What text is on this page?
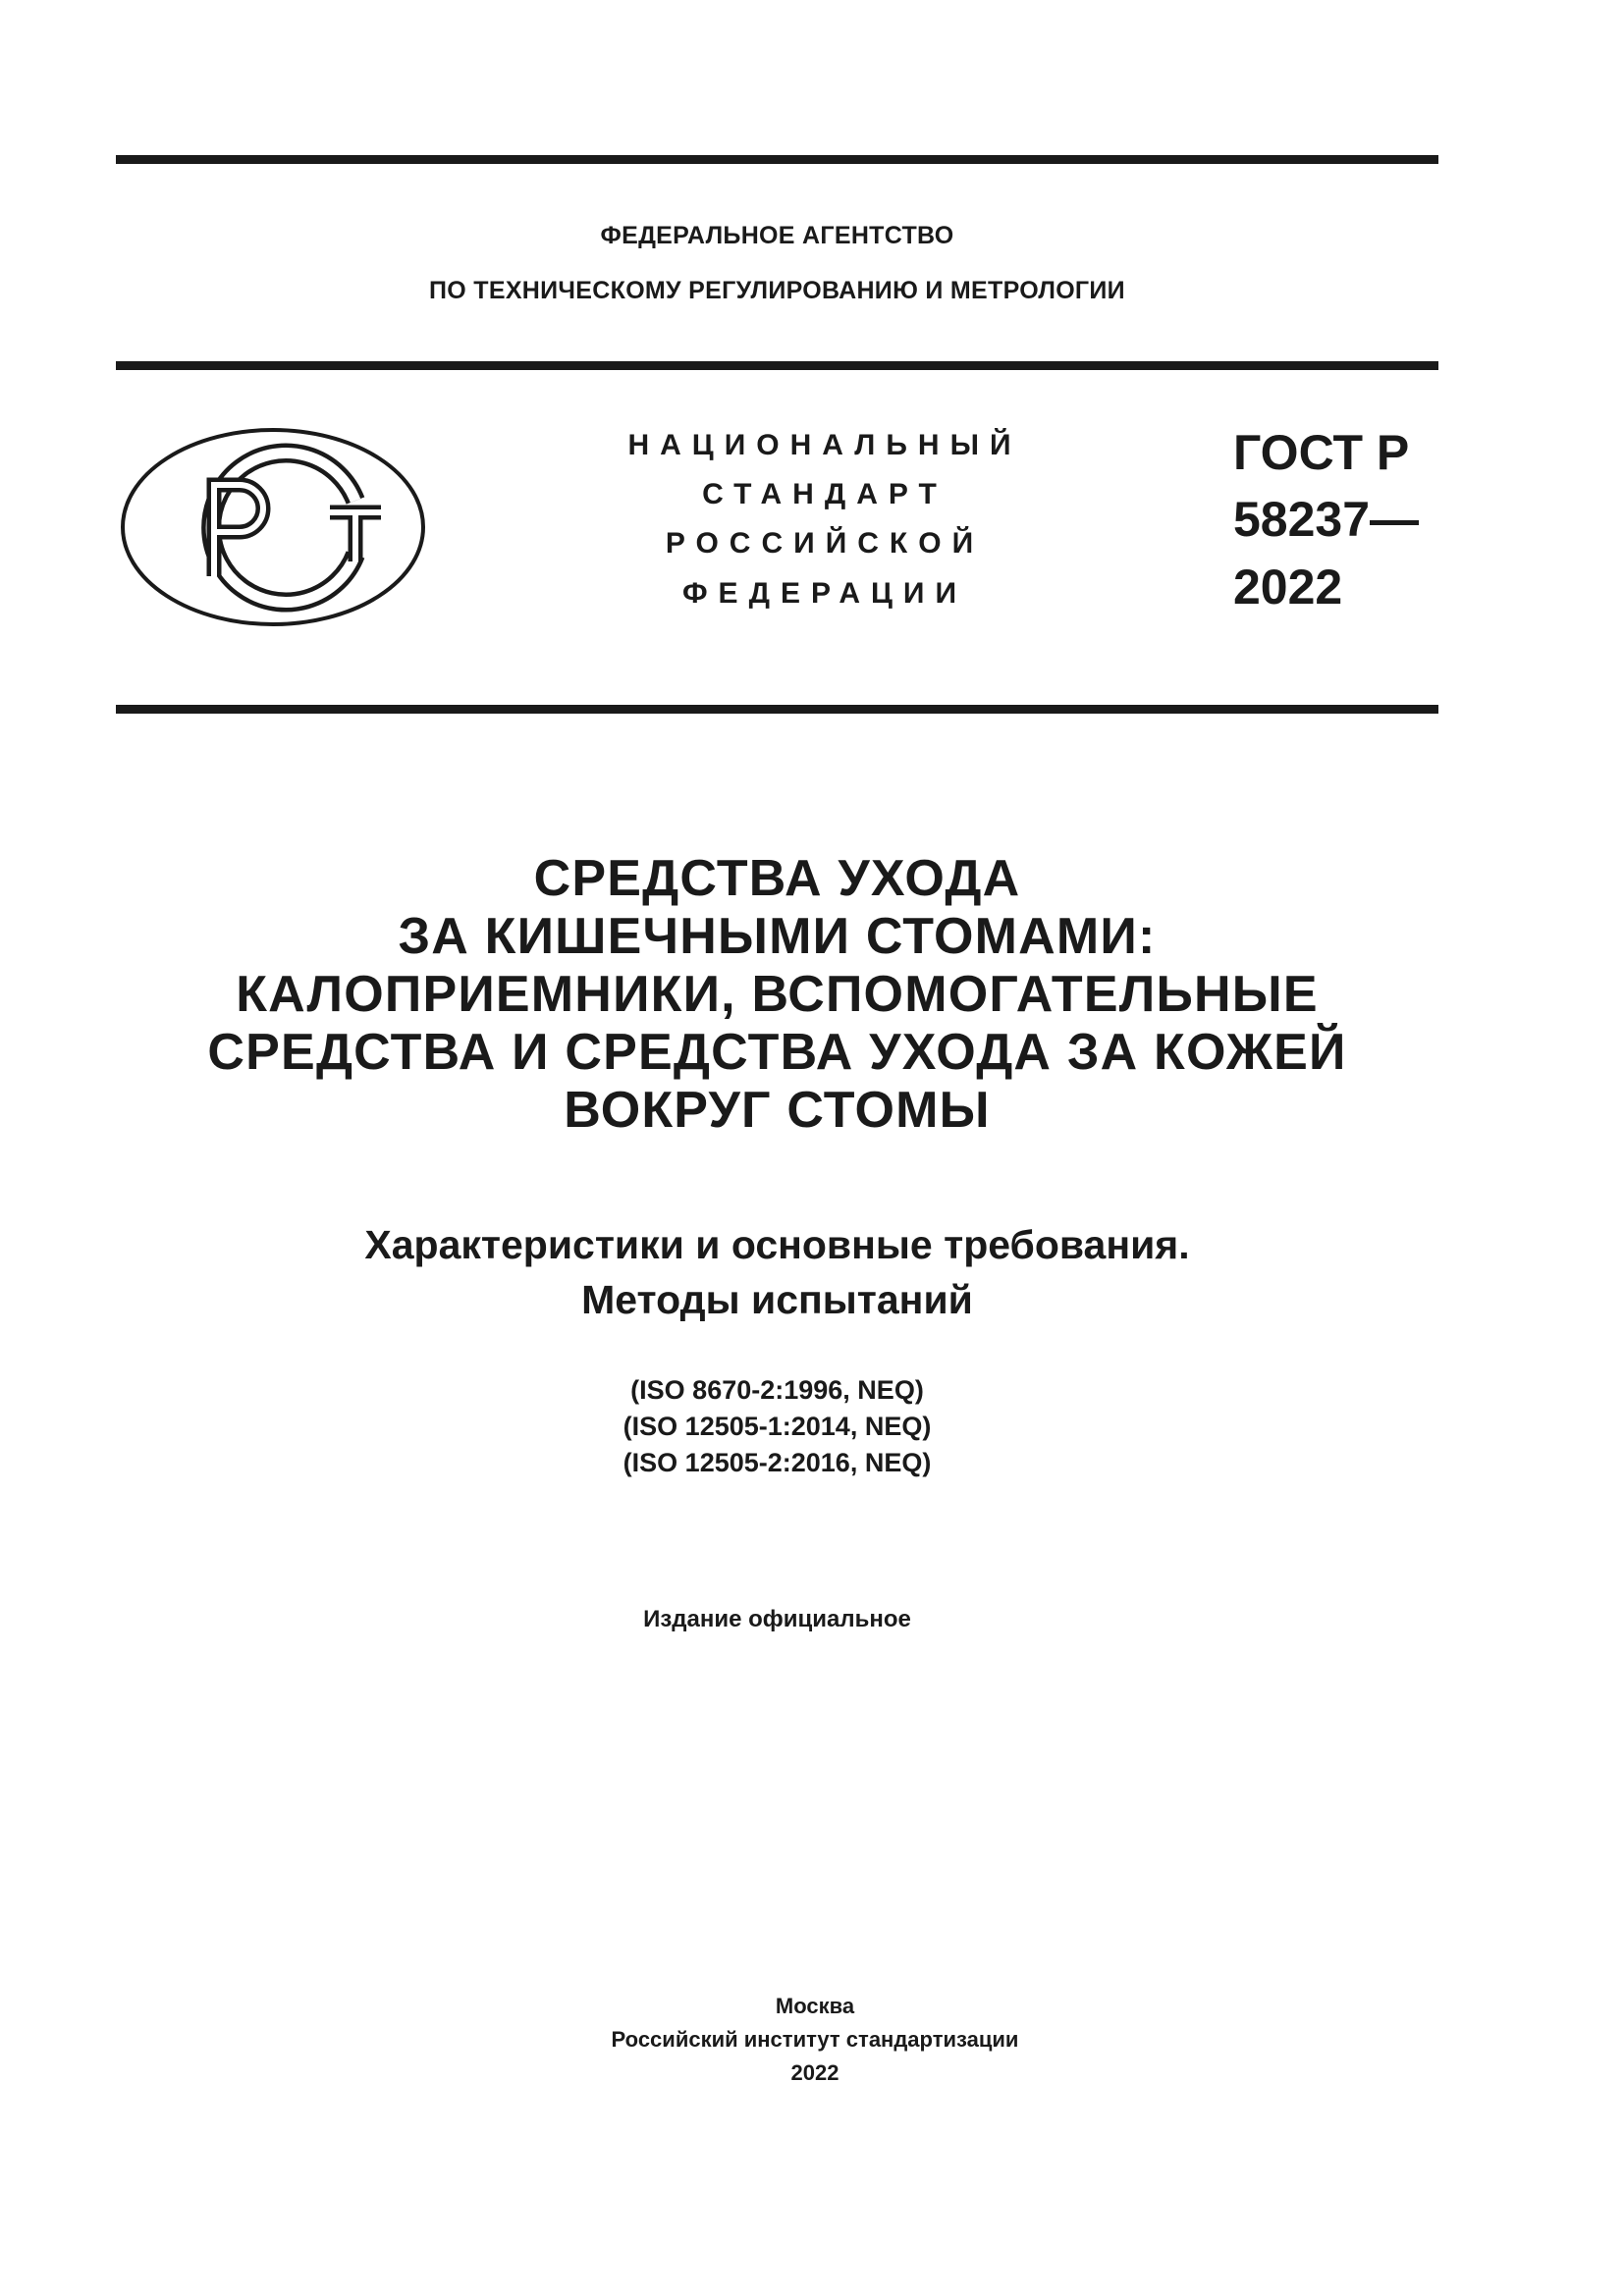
ФЕДЕРАЛЬНОЕ АГЕНТСТВО
ПО ТЕХНИЧЕСКОМУ РЕГУЛИРОВАНИЮ И МЕТРОЛОГИИ
НАЦИОНАЛЬНЫЙ
СТАНДАРТ
РОССИЙСКОЙ
ФЕДЕРАЦИИ
ГОСТ Р
58237—
2022
СРЕДСТВА УХОДА
ЗА КИШЕЧНЫМИ СТОМАМИ:
КАЛОПРИЕМНИКИ, ВСПОМОГАТЕЛЬНЫЕ
СРЕДСТВА И СРЕДСТВА УХОДА ЗА КОЖЕЙ
ВОКРУГ СТОМЫ
Характеристики и основные требования.
Методы испытаний
(ISO 8670-2:1996, NEQ)
(ISO 12505-1:2014, NEQ)
(ISO 12505-2:2016, NEQ)
Издание официальное
Москва
Российский институт стандартизации
2022
